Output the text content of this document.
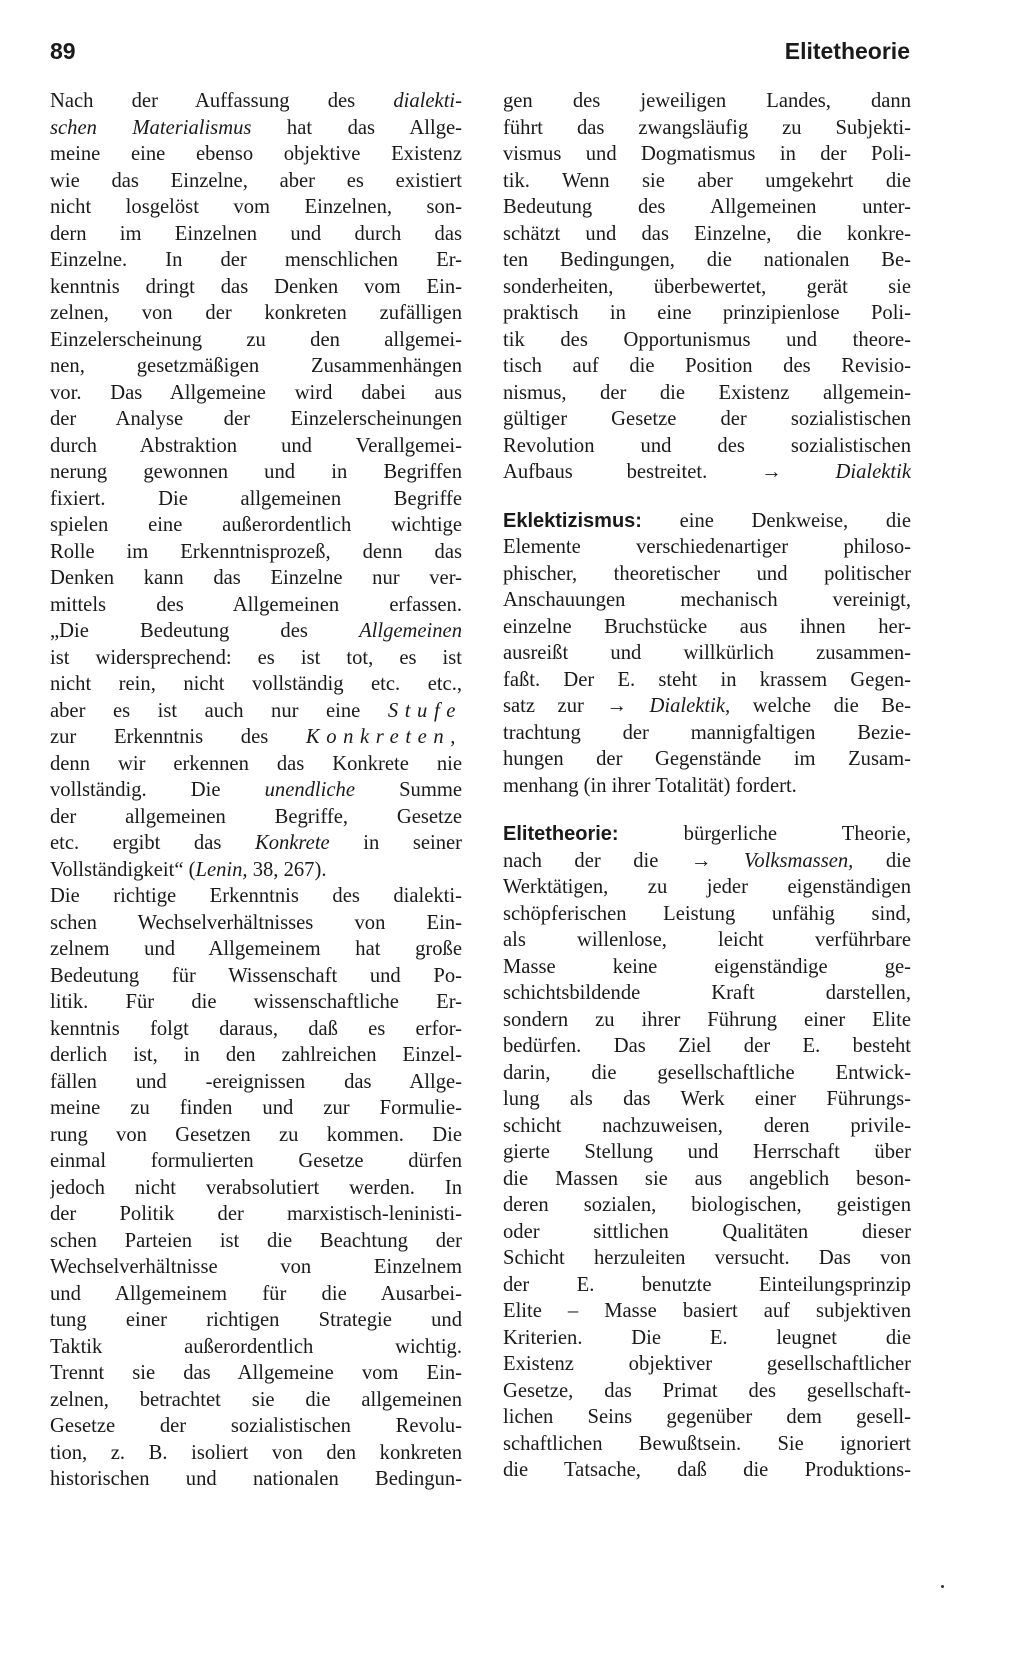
89	Elitetheorie
Nach der Auffassung des dialekti-
schen Materialismus hat das Allge-
meine eine ebenso objektive Existenz
wie das Einzelne, aber es existiert
nicht losgelöst vom Einzelnen, son-
dern im Einzelnen und durch das
Einzelne. In der menschlichen Er-
kenntnis dringt das Denken vom Ein-
zelnen, von der konkreten zufälligen
Einzelerscheinung zu den allgemei-
nen, gesetzmäßigen Zusammenhängen
vor. Das Allgemeine wird dabei aus
der Analyse der Einzelerscheinungen
durch Abstraktion und Verallgemei-
nerung gewonnen und in Begriffen
fixiert. Die allgemeinen Begriffe
spielen eine außerordentlich wichtige
Rolle im Erkenntnisprozeß, denn das
Denken kann das Einzelne nur ver-
mittels des Allgemeinen erfassen.
„Die Bedeutung des Allgemeinen
ist widersprechend: es ist tot, es ist
nicht rein, nicht vollständig etc. etc.,
aber es ist auch nur eine Stufe
zur Erkenntnis des Konkreten,
denn wir erkennen das Konkrete nie
vollständig. Die unendliche Summe
der allgemeinen Begriffe, Gesetze
etc. ergibt das Konkrete in seiner
Vollständigkeit“ (Lenin, 38, 267).
Die richtige Erkenntnis des dialekti-
schen Wechselverhältnisses von Ein-
zelnem und Allgemeinem hat große
Bedeutung für Wissenschaft und Po-
litik. Für die wissenschaftliche Er-
kenntnis folgt daraus, daß es erfor-
derlich ist, in den zahlreichen Einzel-
fällen und -ereignissen das Allge-
meine zu finden und zur Formulie-
rung von Gesetzen zu kommen. Die
einmal formulierten Gesetze dürfen
jedoch nicht verabsolutiert werden. In
der Politik der marxistisch-leninisti-
schen Parteien ist die Beachtung der
Wechselverhältnisse von Einzelnem
und Allgemeinem für die Ausarbei-
tung einer richtigen Strategie und
Taktik außerordentlich wichtig.
Trennt sie das Allgemeine vom Ein-
zelnen, betrachtet sie die allgemeinen
Gesetze der sozialistischen Revolu-
tion, z. B. isoliert von den konkreten
historischen und nationalen Bedingun-
gen des jeweiligen Landes, dann
führt das zwangsläufig zu Subjekti-
vismus und Dogmatismus in der Poli-
tik. Wenn sie aber umgekehrt die
Bedeutung des Allgemeinen unter-
schätzt und das Einzelne, die konkre-
ten Bedingungen, die nationalen Be-
sonderheiten, überbewertet, gerät sie
praktisch in eine prinzipienlose Poli-
tik des Opportunismus und theore-
tisch auf die Position des Revisio-
nismus, der die Existenz allgemein-
gültiger Gesetze der sozialistischen
Revolution und des sozialistischen
Aufbaus bestreitet. → Dialektik
Eklektizismus: eine Denkweise, die
Elemente verschiedenartiger philoso-
phischer, theoretischer und politischer
Anschauungen mechanisch vereinigt,
einzelne Bruchstücke aus ihnen her-
ausreißt und willkürlich zusammen-
faßt. Der E. steht in krassem Gegen-
satz zur → Dialektik, welche die Be-
trachtung der mannigfaltigen Bezie-
hungen der Gegenstände im Zusam-
menhang (in ihrer Totalität) fordert.
Elitetheorie: bürgerliche Theorie,
nach der die → Volksmassen, die
Werktätigen, zu jeder eigenständigen
schöpferischen Leistung unfähig sind,
als willenlose, leicht verführbare
Masse keine eigenständige ge-
schichtsbildende Kraft darstellen,
sondern zu ihrer Führung einer Elite
bedürfen. Das Ziel der E. besteht
darin, die gesellschaftliche Entwick-
lung als das Werk einer Führungs-
schicht nachzuweisen, deren privile-
gierte Stellung und Herrschaft über
die Massen sie aus angeblich beson-
deren sozialen, biologischen, geistigen
oder sittlichen Qualitäten dieser
Schicht herzuleiten versucht. Das von
der E. benutzte Einteilungsprinzip
Elite – Masse basiert auf subjektiven
Kriterien. Die E. leugnet die
Existenz objektiver gesellschaftlicher
Gesetze, das Primat des gesellschaft-
lichen Seins gegenüber dem gesell-
schaftlichen Bewußtsein. Sie ignoriert
die Tatsache, daß die Produktions-
